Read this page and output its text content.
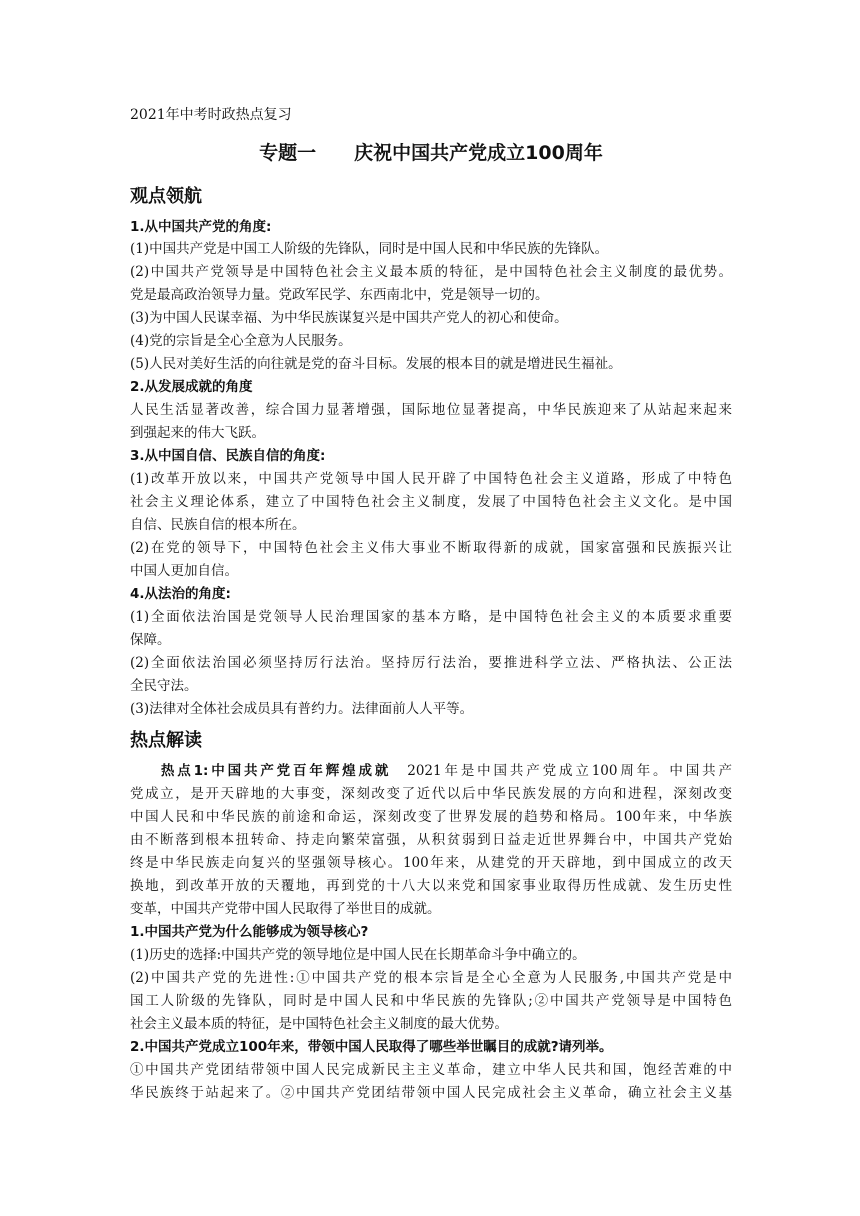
2021年中考时政热点复习
专题一　　庆祝中国共产党成立100周年
观点领航
1.从中国共产党的角度:
(1)中国共产党是中国工人阶级的先锋队，同时是中国人民和中华民族的先锋队。
(2)中国共产党领导是中国特色社会主义最本质的特征，是中国特色社会主义制度的最优势。
党是最高政治领导力量。党政军民学、东西南北中，党是领导一切的。
(3)为中国人民谋幸福、为中华民族谋复兴是中国共产党人的初心和使命。
(4)党的宗旨是全心全意为人民服务。
(5)人民对美好生活的向往就是党的奋斗目标。发展的根本目的就是增进民生福祉。
2.从发展成就的角度
人民生活显著改善，综合国力显著增强，国际地位显著提高，中华民族迎来了从站起来起来
到强起来的伟大飞跃。
3.从中国自信、民族自信的角度:
(1)改革开放以来，中国共产党领导中国人民开辟了中国特色社会主义道路，形成了中特色
社会主义理论体系，建立了中国特色社会主义制度，发展了中国特色社会主义文化。是中国
自信、民族自信的根本所在。
(2)在党的领导下，中国特色社会主义伟大事业不断取得新的成就，国家富强和民族振兴让
中国人更加自信。
4.从法治的角度:
(1)全面依法治国是党领导人民治理国家的基本方略，是中国特色社会主义的本质要求重要
保障。
(2)全面依法治国必须坚持厉行法治。坚持厉行法治，要推进科学立法、严格执法、公正法
全民守法。
(3)法律对全体社会成员具有普约力。法律面前人人平等。
热点解读
热点1:中国共产党百年辉煌成就 2021年是中国共产党成立100周年。中国共产
党成立，是开天辟地的大事变，深刻改变了近代以后中华民族发展的方向和进程，深刻改变
中国人民和中华民族的前途和命运，深刻改变了世界发展的趋势和格局。100年来，中华族
由不断落到根本扭转命、持走向繁荣富强，从积贫弱到日益走近世界舞台中，中国共产党始
终是中华民族走向复兴的坚强领导核心。100年来，从建党的开天辟地，到中国成立的改天
换地，到改革开放的天覆地，再到党的十八大以来党和国家事业取得历性成就、发生历史性
变革，中国共产党带中国人民取得了举世目的成就。
1.中国共产党为什么能够成为领导核心?
(1)历史的选择:中国共产党的领导地位是中国人民在长期革命斗争中确立的。
(2)中国共产党的先进性:①中国共产党的根本宗旨是全心全意为人民服务,中国共产党是中
国工人阶级的先锋队，同时是中国人民和中华民族的先锋队;②中国共产党领导是中国特色
社会主义最本质的特征，是中国特色社会主义制度的最大优势。
2.中国共产党成立100年来，带领中国人民取得了哪些举世瞩目的成就?请列举。
①中国共产党团结带领中国人民完成新民主主义革命，建立中华人民共和国，饱经苦难的中
华民族终于站起来了。②中国共产党团结带领中国人民完成社会主义革命，确立社会主义基
